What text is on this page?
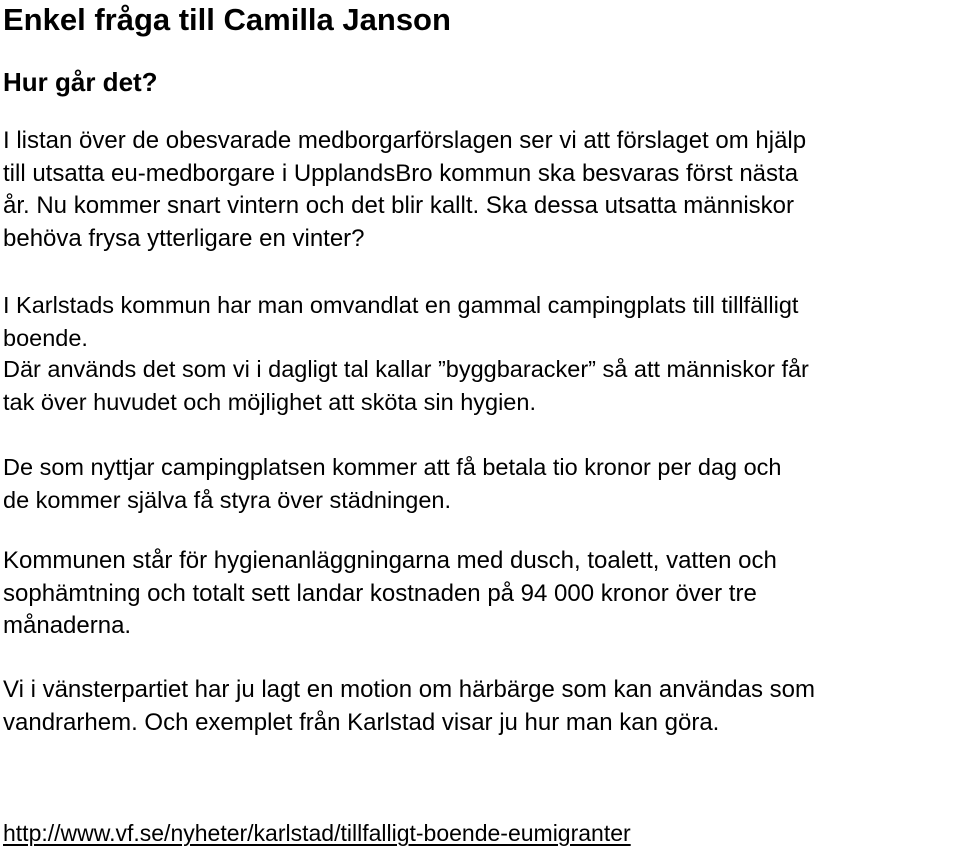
Enkel fråga till Camilla Janson
Hur går det?

I listan över de obesvarade medborgarförslagen ser vi att förslaget om hjälp
till utsatta eu-medborgare i UpplandsBro kommun ska besvaras först nästa
år. Nu kommer snart vintern och det blir kallt. Ska dessa utsatta människor
behöva frysa ytterligare en vinter?

I Karlstads kommun har man omvandlat en gammal campingplats till tillfälligt
boende.

Där används det som vi i dagligt tal kallar ”byggbaracker” så att människor får
tak över huvudet och möjlighet att sköta sin hygien.

De som nyttjar campingplatsen kommer att få betala tio kronor per dag och
de kommer själva få styra över städningen.

Kommunen står för hygienanläggningarna med dusch, toalett, vatten och
sophämtning och totalt sett landar kostnaden på 94 000 kronor över tre
månaderna.

Vi i vänsterpartiet har ju lagt en motion om härbärge som kan användas som
vandrarhem. Och exemplet från Karlstad visar ju hur man kan göra.

http://www.vf.se/nyheter/karlstad/tillfalligt-boende-eumigranter
